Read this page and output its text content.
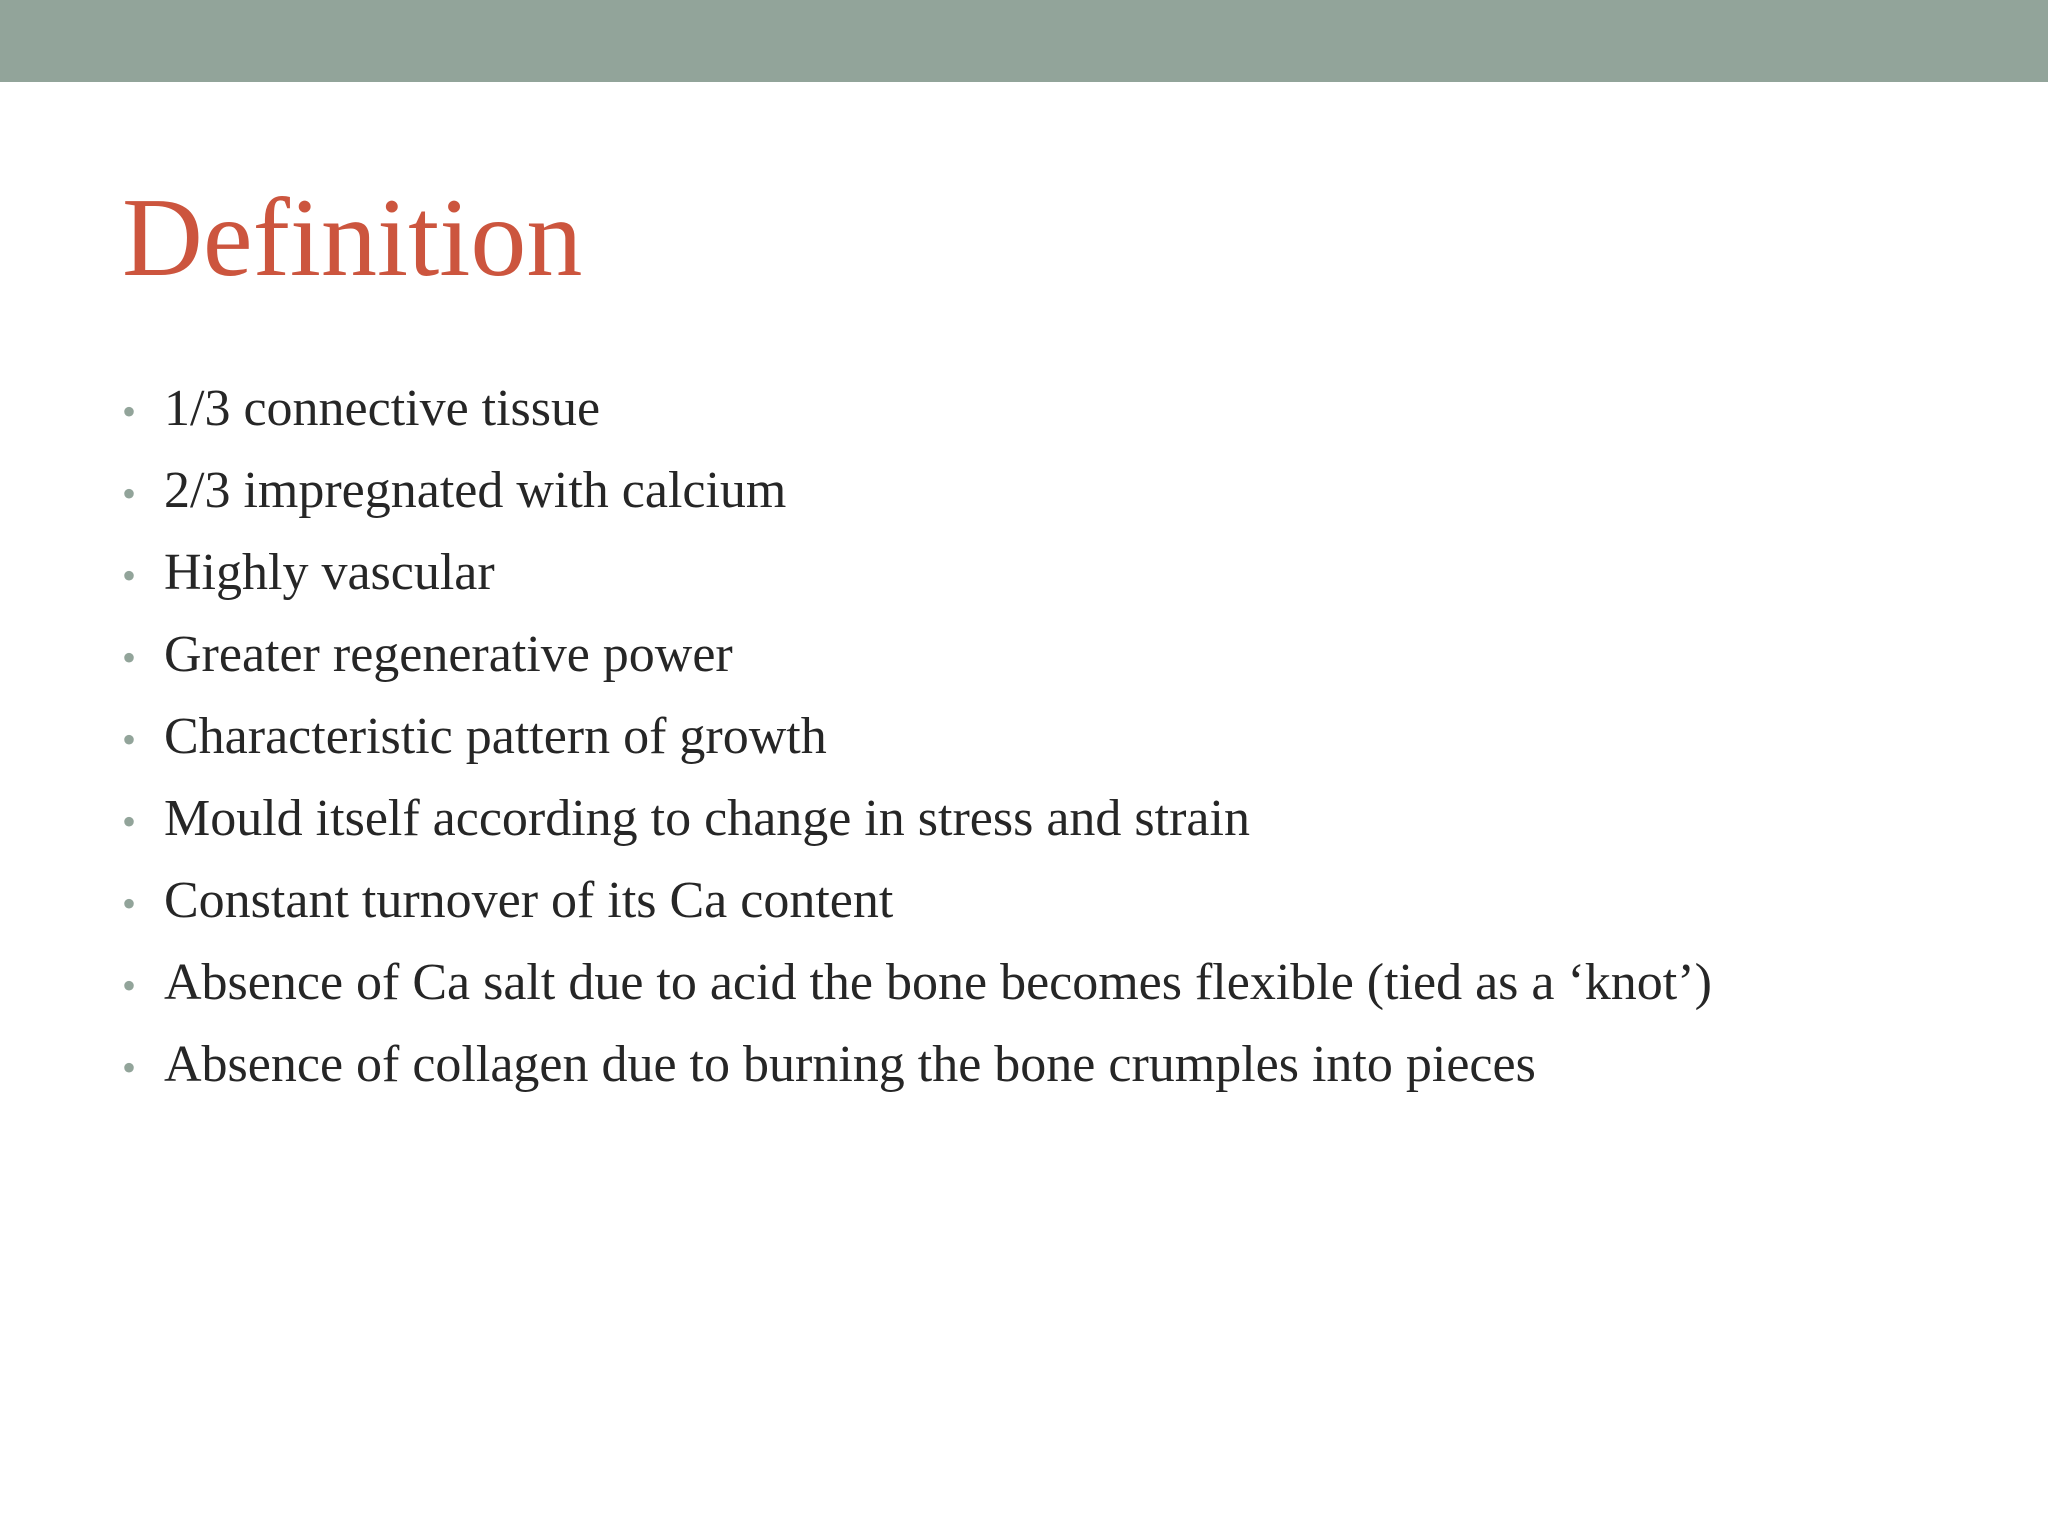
Definition
• 1/3 connective tissue
• 2/3 impregnated with calcium
• Highly vascular
• Greater regenerative power
• Characteristic pattern of growth
• Mould itself according to change in stress and strain
• Constant turnover of its Ca content
• Absence of Ca salt due to acid the bone becomes flexible (tied as a ‘knot’)
• Absence of collagen due to burning the bone crumples into pieces
